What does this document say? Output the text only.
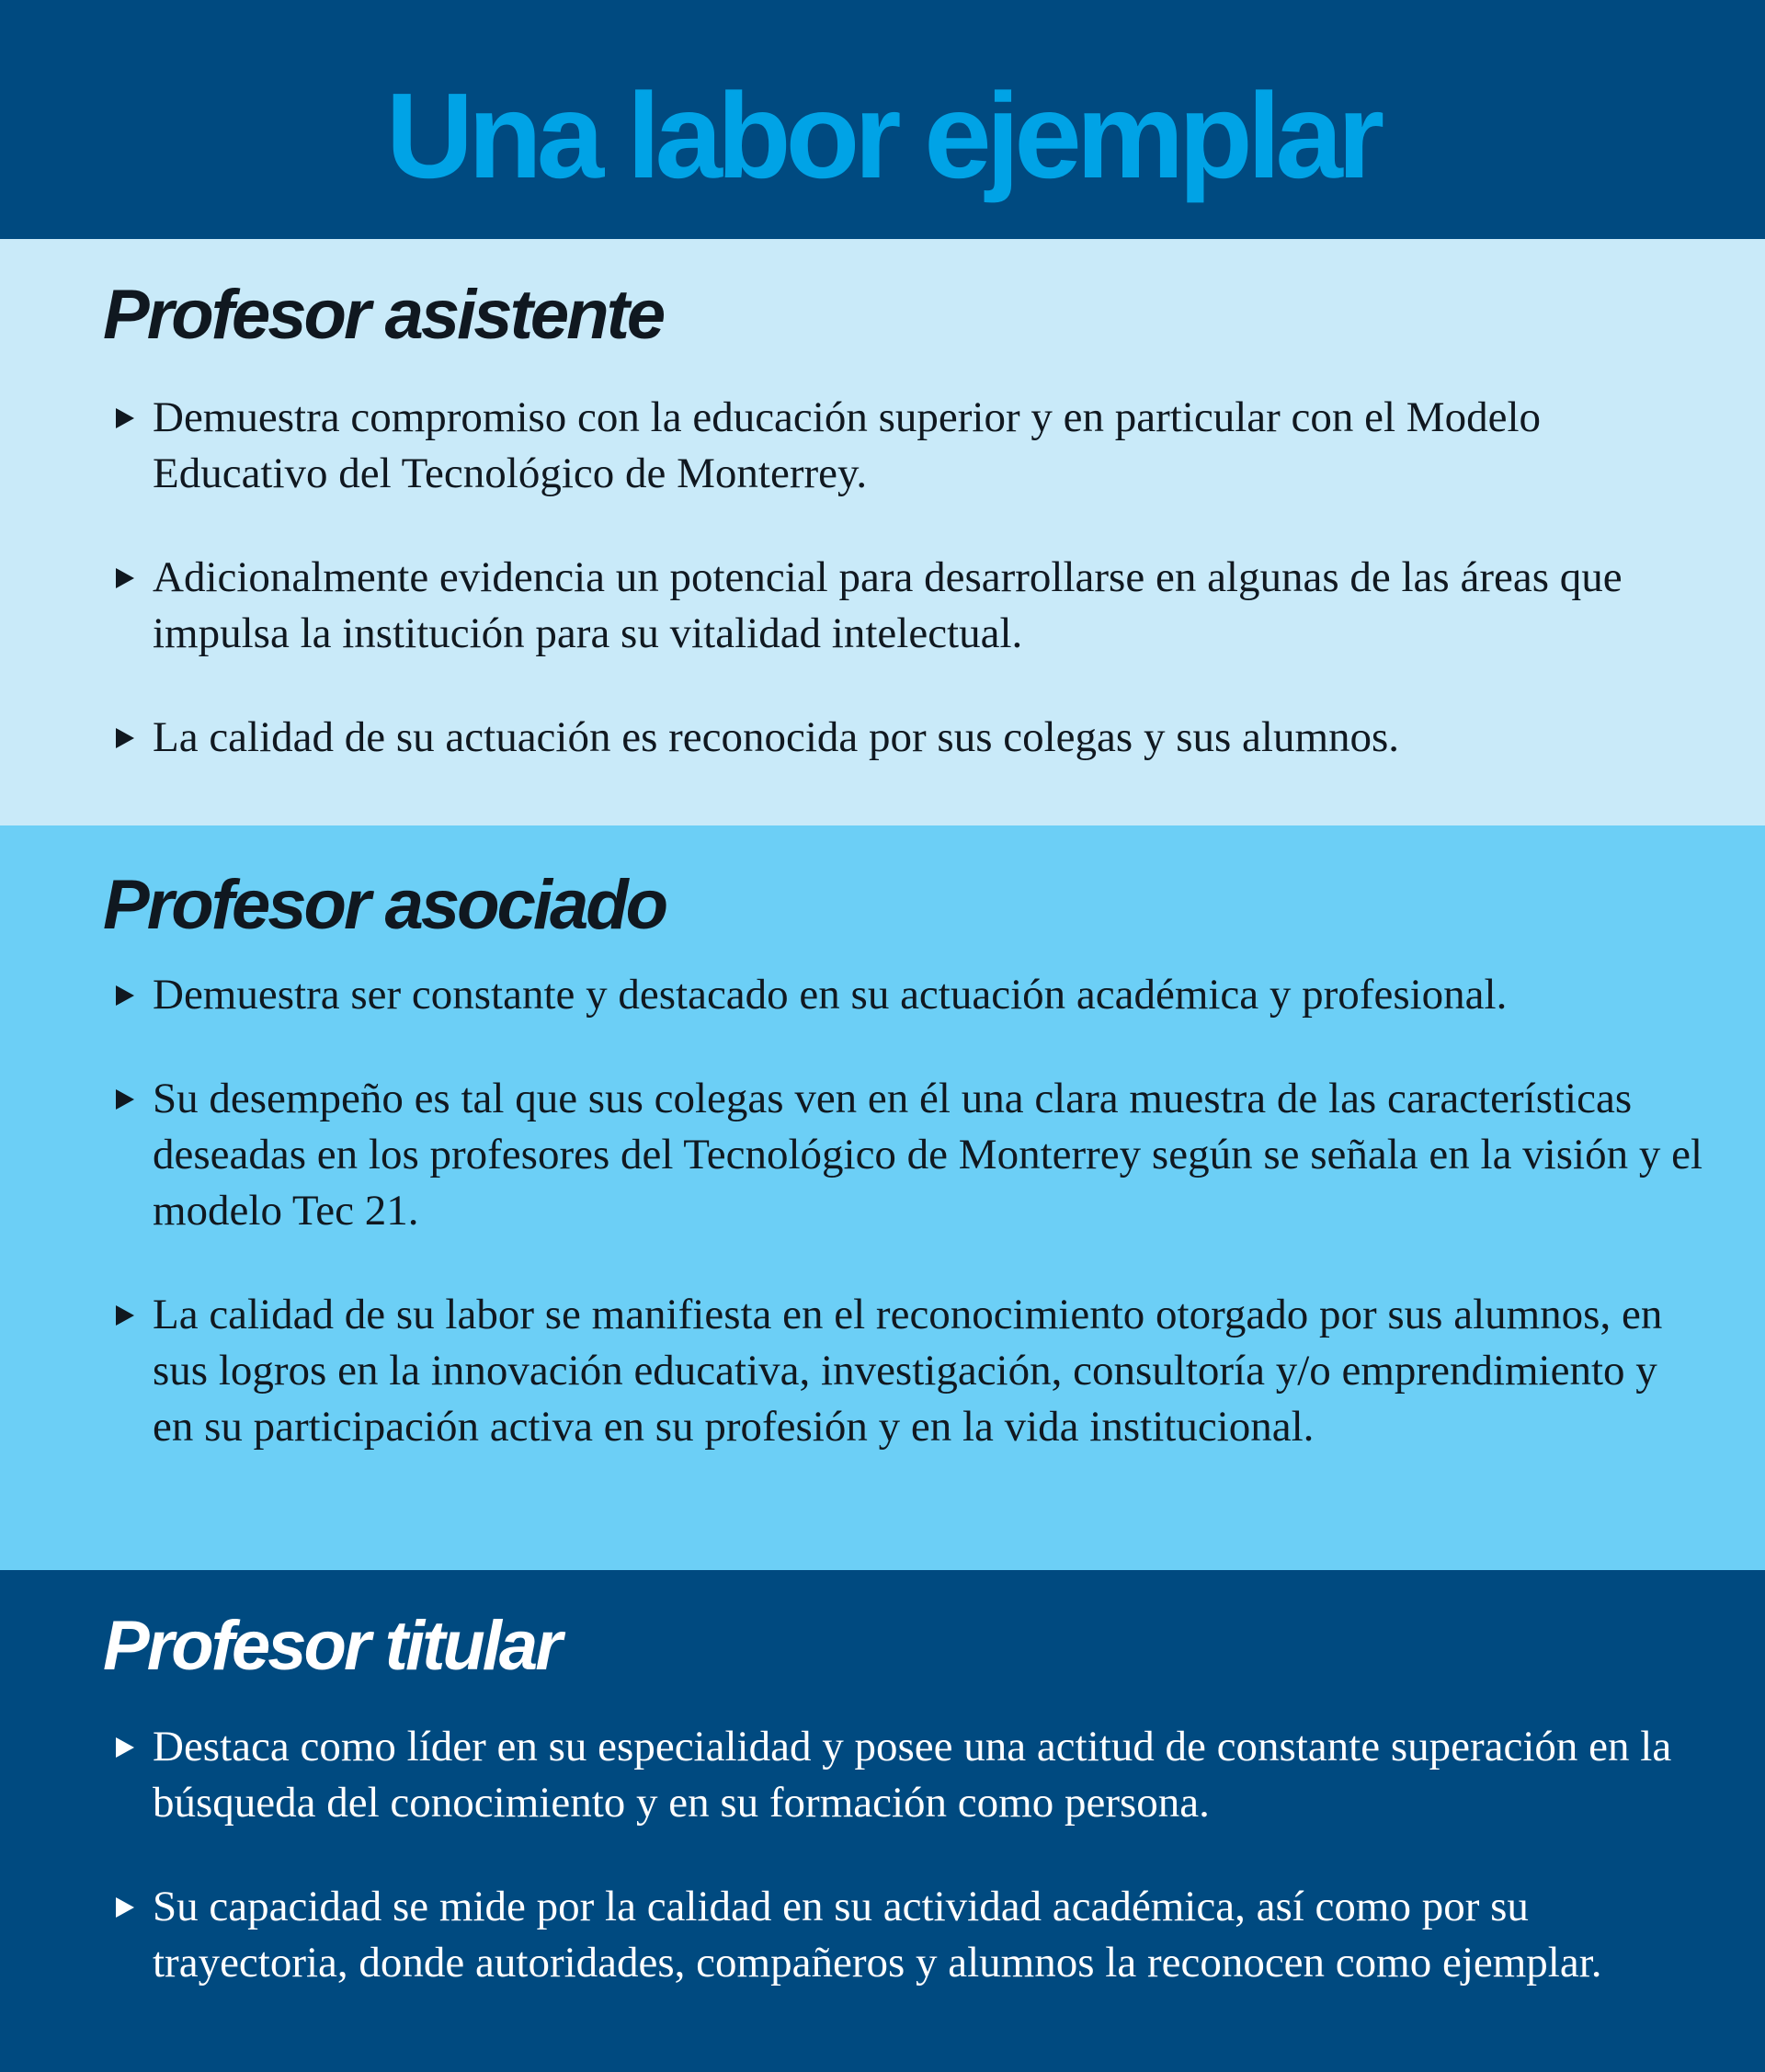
Una labor ejemplar
Profesor asistente
Demuestra compromiso con la educación superior y en particular con el Modelo Educativo del Tecnológico de Monterrey.
Adicionalmente evidencia un potencial para desarrollarse en algunas de las áreas que impulsa la institución para su vitalidad intelectual.
La calidad de su actuación es reconocida por sus colegas y sus alumnos.
Profesor asociado
Demuestra ser constante y destacado en su actuación académica y profesional.
Su desempeño es tal que sus colegas ven en él una clara muestra de las características deseadas en los profesores del Tecnológico de Monterrey según se señala en la visión y el modelo Tec 21.
La calidad de su labor se manifiesta en el reconocimiento otorgado por sus alumnos, en sus logros en la innovación educativa, investigación, consultoría y/o emprendimiento y en su participación activa en su profesión y en la vida institucional.
Profesor titular
Destaca como líder en su especialidad y posee una actitud de constante superación en la búsqueda del conocimiento y en su formación como persona.
Su capacidad se mide por la calidad en su actividad académica, así como por su trayectoria, donde autoridades, compañeros y alumnos la reconocen como ejemplar.
